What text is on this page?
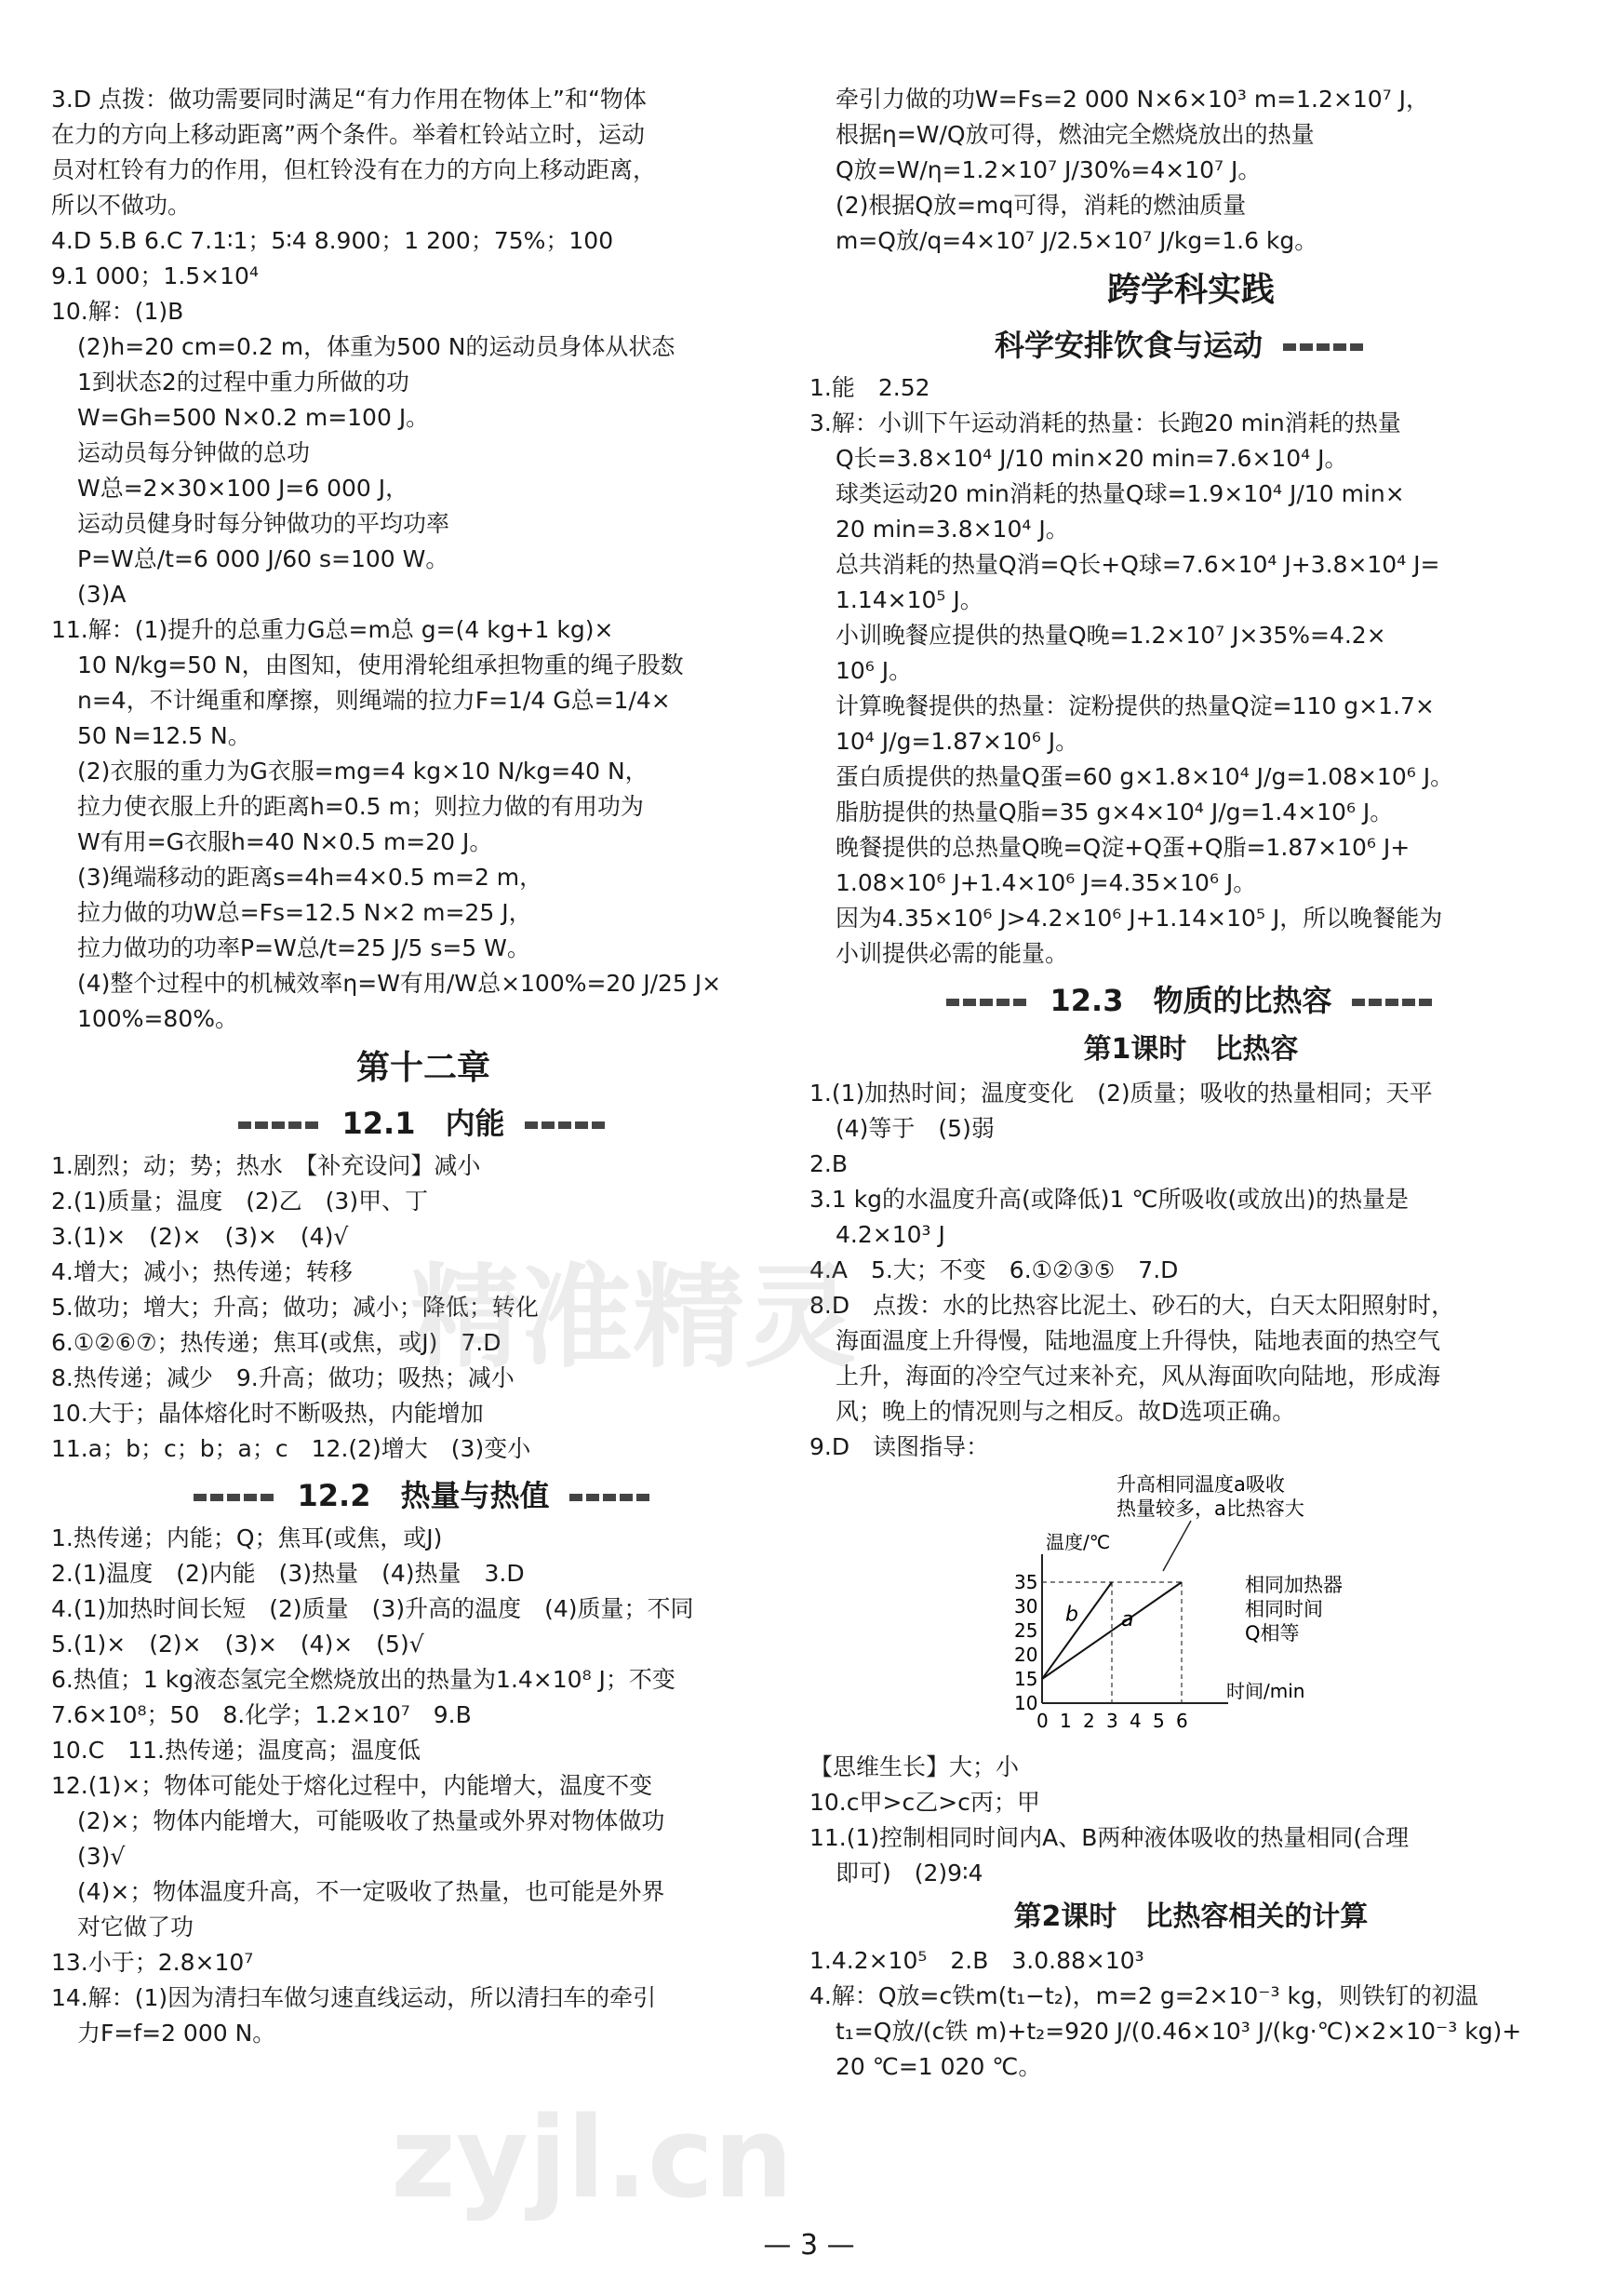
3.D 点拨：做功需要同时满足“有力作用在物体上”和“物体
在力的方向上移动距离”两个条件。举着杠铃站立时，运动
员对杠铃有力的作用，但杠铃没有在力的方向上移动距离，
所以不做功。
4.D 5.B 6.C 7.1∶1；5∶4 8.900；1 200；75%；100
9.1 000；1.5×10⁴
10.解：(1)B
(2)h=20 cm=0.2 m，体重为500 N的运动员身体从状态
1到状态2的过程中重力所做的功
W=Gh=500 N×0.2 m=100 J。
运动员每分钟做的总功
W总=2×30×100 J=6 000 J，
运动员健身时每分钟做功的平均功率
P=W总/t=6 000 J/60 s=100 W。
(3)A
11.解：(1)提升的总重力G总=m总 g=(4 kg+1 kg)×
10 N/kg=50 N，由图知，使用滑轮组承担物重的绳子股数
n=4，不计绳重和摩擦，则绳端的拉力F=1/4 G总=1/4×
50 N=12.5 N。
(2)衣服的重力为G衣服=mg=4 kg×10 N/kg=40 N，
拉力使衣服上升的距离h=0.5 m；则拉力做的有用功为
W有用=G衣服h=40 N×0.5 m=20 J。
(3)绳端移动的距离s=4h=4×0.5 m=2 m，
拉力做的功W总=Fs=12.5 N×2 m=25 J，
拉力做功的功率P=W总/t=25 J/5 s=5 W。
(4)整个过程中的机械效率η=W有用/W总×100%=20 J/25 J×
100%=80%。
第十二章
12.1　内能
1.剧烈；动；势；热水　【补充设问】减小
2.(1)质量；温度　(2)乙　(3)甲、丁
3.(1)×　(2)×　(3)×　(4)√
4.增大；减小；热传递；转移
5.做功；增大；升高；做功；减小；降低；转化
6.①②⑥⑦；热传递；焦耳(或焦，或J)　7.D
8.热传递；减少　9.升高；做功；吸热；减小
10.大于；晶体熔化时不断吸热，内能增加
11.a；b；c；b；a；c　12.(2)增大　(3)变小
12.2　热量与热值
1.热传递；内能；Q；焦耳(或焦，或J)
2.(1)温度　(2)内能　(3)热量　(4)热量　3.D
4.(1)加热时间长短　(2)质量　(3)升高的温度　(4)质量；不同
5.(1)×　(2)×　(3)×　(4)×　(5)√
6.热值；1 kg液态氢完全燃烧放出的热量为1.4×10⁸ J；不变
7.6×10⁸；50　8.化学；1.2×10⁷　9.B
10.C　11.热传递；温度高；温度低
12.(1)×；物体可能处于熔化过程中，内能增大，温度不变
(2)×；物体内能增大，可能吸收了热量或外界对物体做功
(3)√
(4)×；物体温度升高，不一定吸收了热量，也可能是外界
对它做了功
13.小于；2.8×10⁷
14.解：(1)因为清扫车做匀速直线运动，所以清扫车的牵引
力F=f=2 000 N。
牵引力做的功W=Fs=2 000 N×6×10³ m=1.2×10⁷ J，
根据η=W/Q放可得，燃油完全燃烧放出的热量
Q放=W/η=1.2×10⁷ J/30%=4×10⁷ J。
(2)根据Q放=mq可得，消耗的燃油质量
m=Q放/q=4×10⁷ J/2.5×10⁷ J/kg=1.6 kg。
跨学科实践
科学安排饮食与运动
1.能　2.52
3.解：小训下午运动消耗的热量：长跑20 min消耗的热量
Q长=3.8×10⁴ J/10 min×20 min=7.6×10⁴ J。
球类运动20 min消耗的热量Q球=1.9×10⁴ J/10 min×
20 min=3.8×10⁴ J。
总共消耗的热量Q消=Q长+Q球=7.6×10⁴ J+3.8×10⁴ J=
1.14×10⁵ J。
小训晚餐应提供的热量Q晚=1.2×10⁷ J×35%=4.2×
10⁶ J。
计算晚餐提供的热量：淀粉提供的热量Q淀=110 g×1.7×
10⁴ J/g=1.87×10⁶ J。
蛋白质提供的热量Q蛋=60 g×1.8×10⁴ J/g=1.08×10⁶ J。
脂肪提供的热量Q脂=35 g×4×10⁴ J/g=1.4×10⁶ J。
晚餐提供的总热量Q晚=Q淀+Q蛋+Q脂=1.87×10⁶ J+
1.08×10⁶ J+1.4×10⁶ J=4.35×10⁶ J。
因为4.35×10⁶ J>4.2×10⁶ J+1.14×10⁵ J，所以晚餐能为
小训提供必需的能量。
12.3　物质的比热容
第1课时　比热容
1.(1)加热时间；温度变化　(2)质量；吸收的热量相同；天平
(4)等于　(5)弱
2.B
3.1 kg的水温度升高(或降低)1 ℃所吸收(或放出)的热量是
4.2×10³ J
4.A　5.大；不变　6.①②③⑤　7.D
8.D　点拨：水的比热容比泥土、砂石的大，白天太阳照射时，
海面温度上升得慢，陆地温度上升得快，陆地表面的热空气
上升，海面的冷空气过来补充，风从海面吹向陆地，形成海
风；晚上的情况则与之相反。故D选项正确。
9.D　读图指导：
升高相同温度a吸收
热量较多，a比热容大
温度/℃
时间/min
35
30
25
20
15
10
0 1 2 3 4 5 6
a
b
相同加热器
相同时间
Q相等
【思维生长】大；小
10.c甲>c乙>c丙；甲
11.(1)控制相同时间内A、B两种液体吸收的热量相同(合理
即可)　(2)9∶4
第2课时　比热容相关的计算
1.4.2×10⁵　2.B　3.0.88×10³
4.解：Q放=c铁m(t₁−t₂)，m=2 g=2×10⁻³ kg，则铁钉的初温
t₁=Q放/(c铁 m)+t₂=920 J/(0.46×10³ J/(kg·℃)×2×10⁻³ kg)+
20 ℃=1 020 ℃。
精准精灵
zyjl.cn
— 3 —
